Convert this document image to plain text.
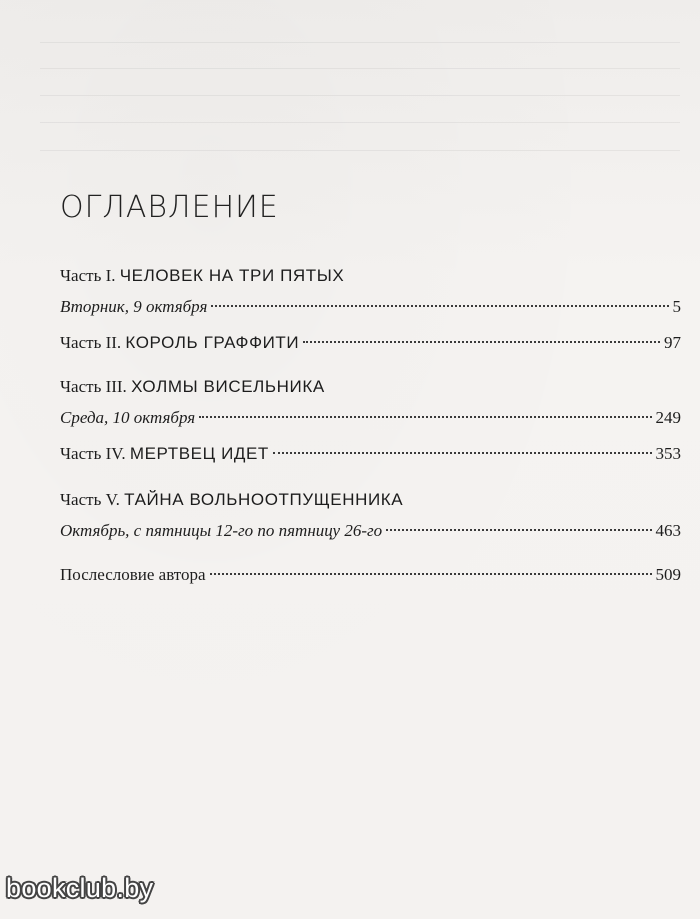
ОГЛАВЛЕНИЕ
Часть I. ЧЕЛОВЕК НА ТРИ ПЯТЫХ
Вторник, 9 октября	5
Часть II. КОРОЛЬ ГРАФФИТИ	97
Часть III. ХОЛМЫ ВИСЕЛЬНИКА
Среда, 10 октября	249
Часть IV. МЕРТВЕЦ ИДЕТ	353
Часть V. ТАЙНА ВОЛЬНООТПУЩЕННИКА
Октябрь, с пятницы 12-го по пятницу 26-го	463
Послесловие автора	509
bookclub.by
